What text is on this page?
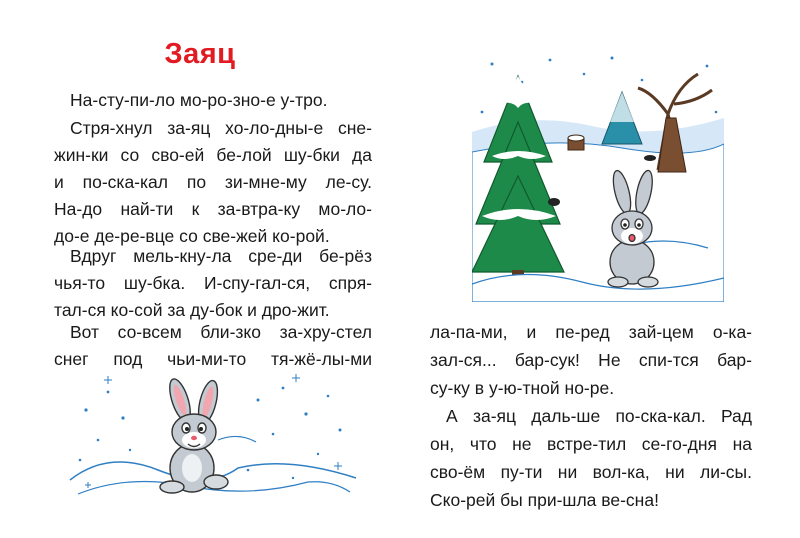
Заяц
На-сту-пи-ло мо-ро-зно-е у-тро.
Стря-хнул за-яц хо-ло-дны-е сне-
жин-ки со сво-ей бе-лой шу-бки да
и по-ска-кал по зи-мне-му ле-су.
На-до най-ти к за-втра-ку мо-ло-
до-е де-ре-вце со све-жей ко-рой.
Вдруг мель-кну-ла сре-ди бе-рёз
чья-то шу-бка. И-спу-гал-ся, спря-
тал-ся ко-сой за ду-бок и дро-жит.
Вот со-всем бли-зко за-хру-стел
снег под чьи-ми-то тя-жё-лы-ми
ла-па-ми, и пе-ред зай-цем о-ка-
зал-ся... бар-сук! Не спи-тся бар-
су-ку в у-ю-тной но-ре.
А за-яц даль-ше по-ска-кал. Рад
он, что не встре-тил се-го-дня на
сво-ём пу-ти ни вол-ка, ни ли-сы.
Ско-рей бы при-шла ве-сна!
